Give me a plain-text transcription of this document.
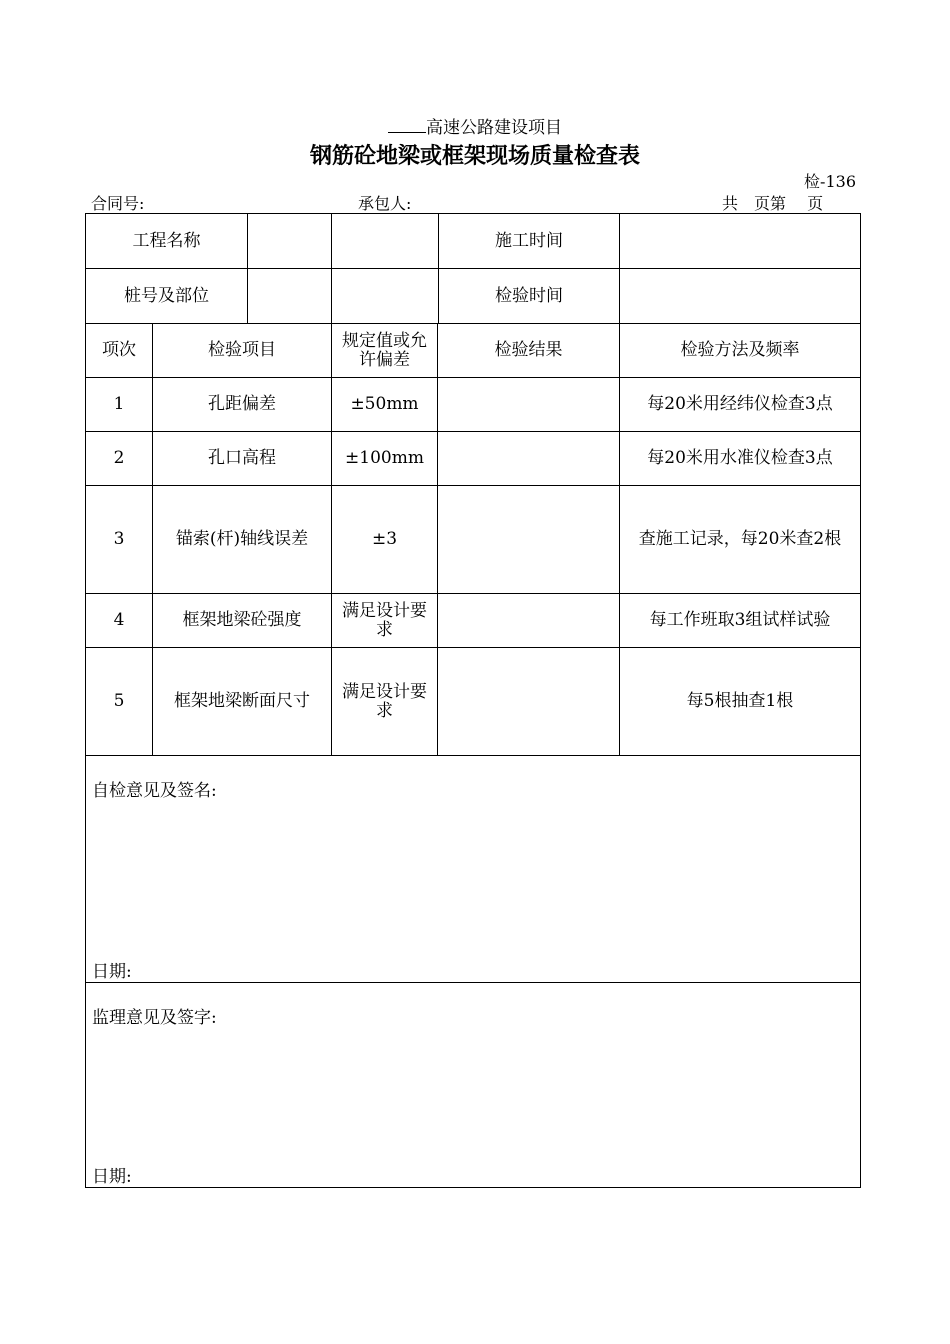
高速公路建设项目
钢筋砼地梁或框架现场质量检查表
检-136
合同号:	承包人:	共　页第　 页
工程名称		施工时间		

桩号及部位		检验时间		

项次	检验项目	规定值或允许偏差	检验结果	检验方法及频率
1	孔距偏差	±50mm		每20米用经纬仪检查3点
2	孔口高程	±100mm		每20米用水准仪检查3点
3	锚索(杆)轴线误差	±3		查施工记录，每20米查2根
4	框架地梁砼强度	满足设计要求		每工作班取3组试样试验
5	框架地梁断面尺寸	满足设计要求		每5根抽查1根

自检意见及签名:
日期:				

监理意见及签字:
日期:				
